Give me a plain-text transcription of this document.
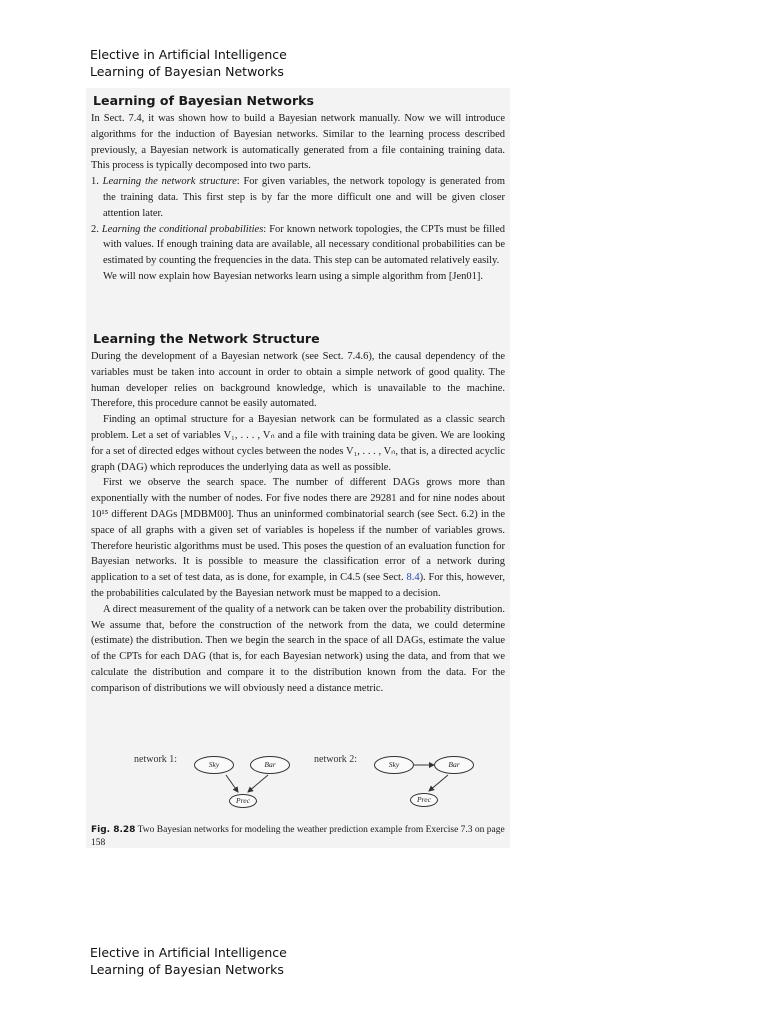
Elective in Artificial Intelligence
Learning of Bayesian Networks
Learning of Bayesian Networks

In Sect. 7.4, it was shown how to build a Bayesian network manually. Now we will introduce algorithms for the induction of Bayesian networks. Similar to the learning process described previously, a Bayesian network is automatically generated from a file containing training data. This process is typically decomposed into two parts.

1. Learning the network structure: For given variables, the network topology is generated from the training data. This first step is by far the more difficult one and will be given closer attention later.

2. Learning the conditional probabilities: For known network topologies, the CPTs must be filled with values. If enough training data are available, all necessary conditional probabilities can be estimated by counting the frequencies in the data. This step can be automated relatively easily.

We will now explain how Bayesian networks learn using a simple algorithm from [Jen01].

Learning the Network Structure

During the development of a Bayesian network (see Sect. 7.4.6), the causal dependency of the variables must be taken into account in order to obtain a simple network of good quality. The human developer relies on background knowledge, which is unavailable to the machine. Therefore, this procedure cannot be easily automated.

Finding an optimal structure for a Bayesian network can be formulated as a classic search problem. Let a set of variables V₁, . . . , Vₙ and a file with training data be given. We are looking for a set of directed edges without cycles between the nodes V₁, . . . , Vₙ, that is, a directed acyclic graph (DAG) which reproduces the underlying data as well as possible.

First we observe the search space. The number of different DAGs grows more than exponentially with the number of nodes. For five nodes there are 29281 and for nine nodes about 10¹⁵ different DAGs [MDBM00]. Thus an uninformed combinatorial search (see Sect. 6.2) in the space of all graphs with a given set of variables is hopeless if the number of variables grows. Therefore heuristic algorithms must be used. This poses the question of an evaluation function for Bayesian networks. It is possible to measure the classification error of a network during application to a set of test data, as is done, for example, in C4.5 (see Sect. 8.4). For this, however, the probabilities calculated by the Bayesian network must be mapped to a decision.

A direct measurement of the quality of a network can be taken over the probability distribution. We assume that, before the construction of the network from the data, we could determine (estimate) the distribution. Then we begin the search in the space of all DAGs, estimate the value of the CPTs for each DAG (that is, for each Bayesian network) using the data, and from that we calculate the distribution and compare it to the distribution known from the data. For the comparison of distributions we will obviously need a distance metric.

network 1:	Sky	Bar
Prec
network 2:	Sky	Bar
Prec
Fig. 8.28 Two Bayesian networks for modeling the weather prediction example from Exercise 7.3 on page 158
Elective in Artificial Intelligence
Learning of Bayesian Networks
